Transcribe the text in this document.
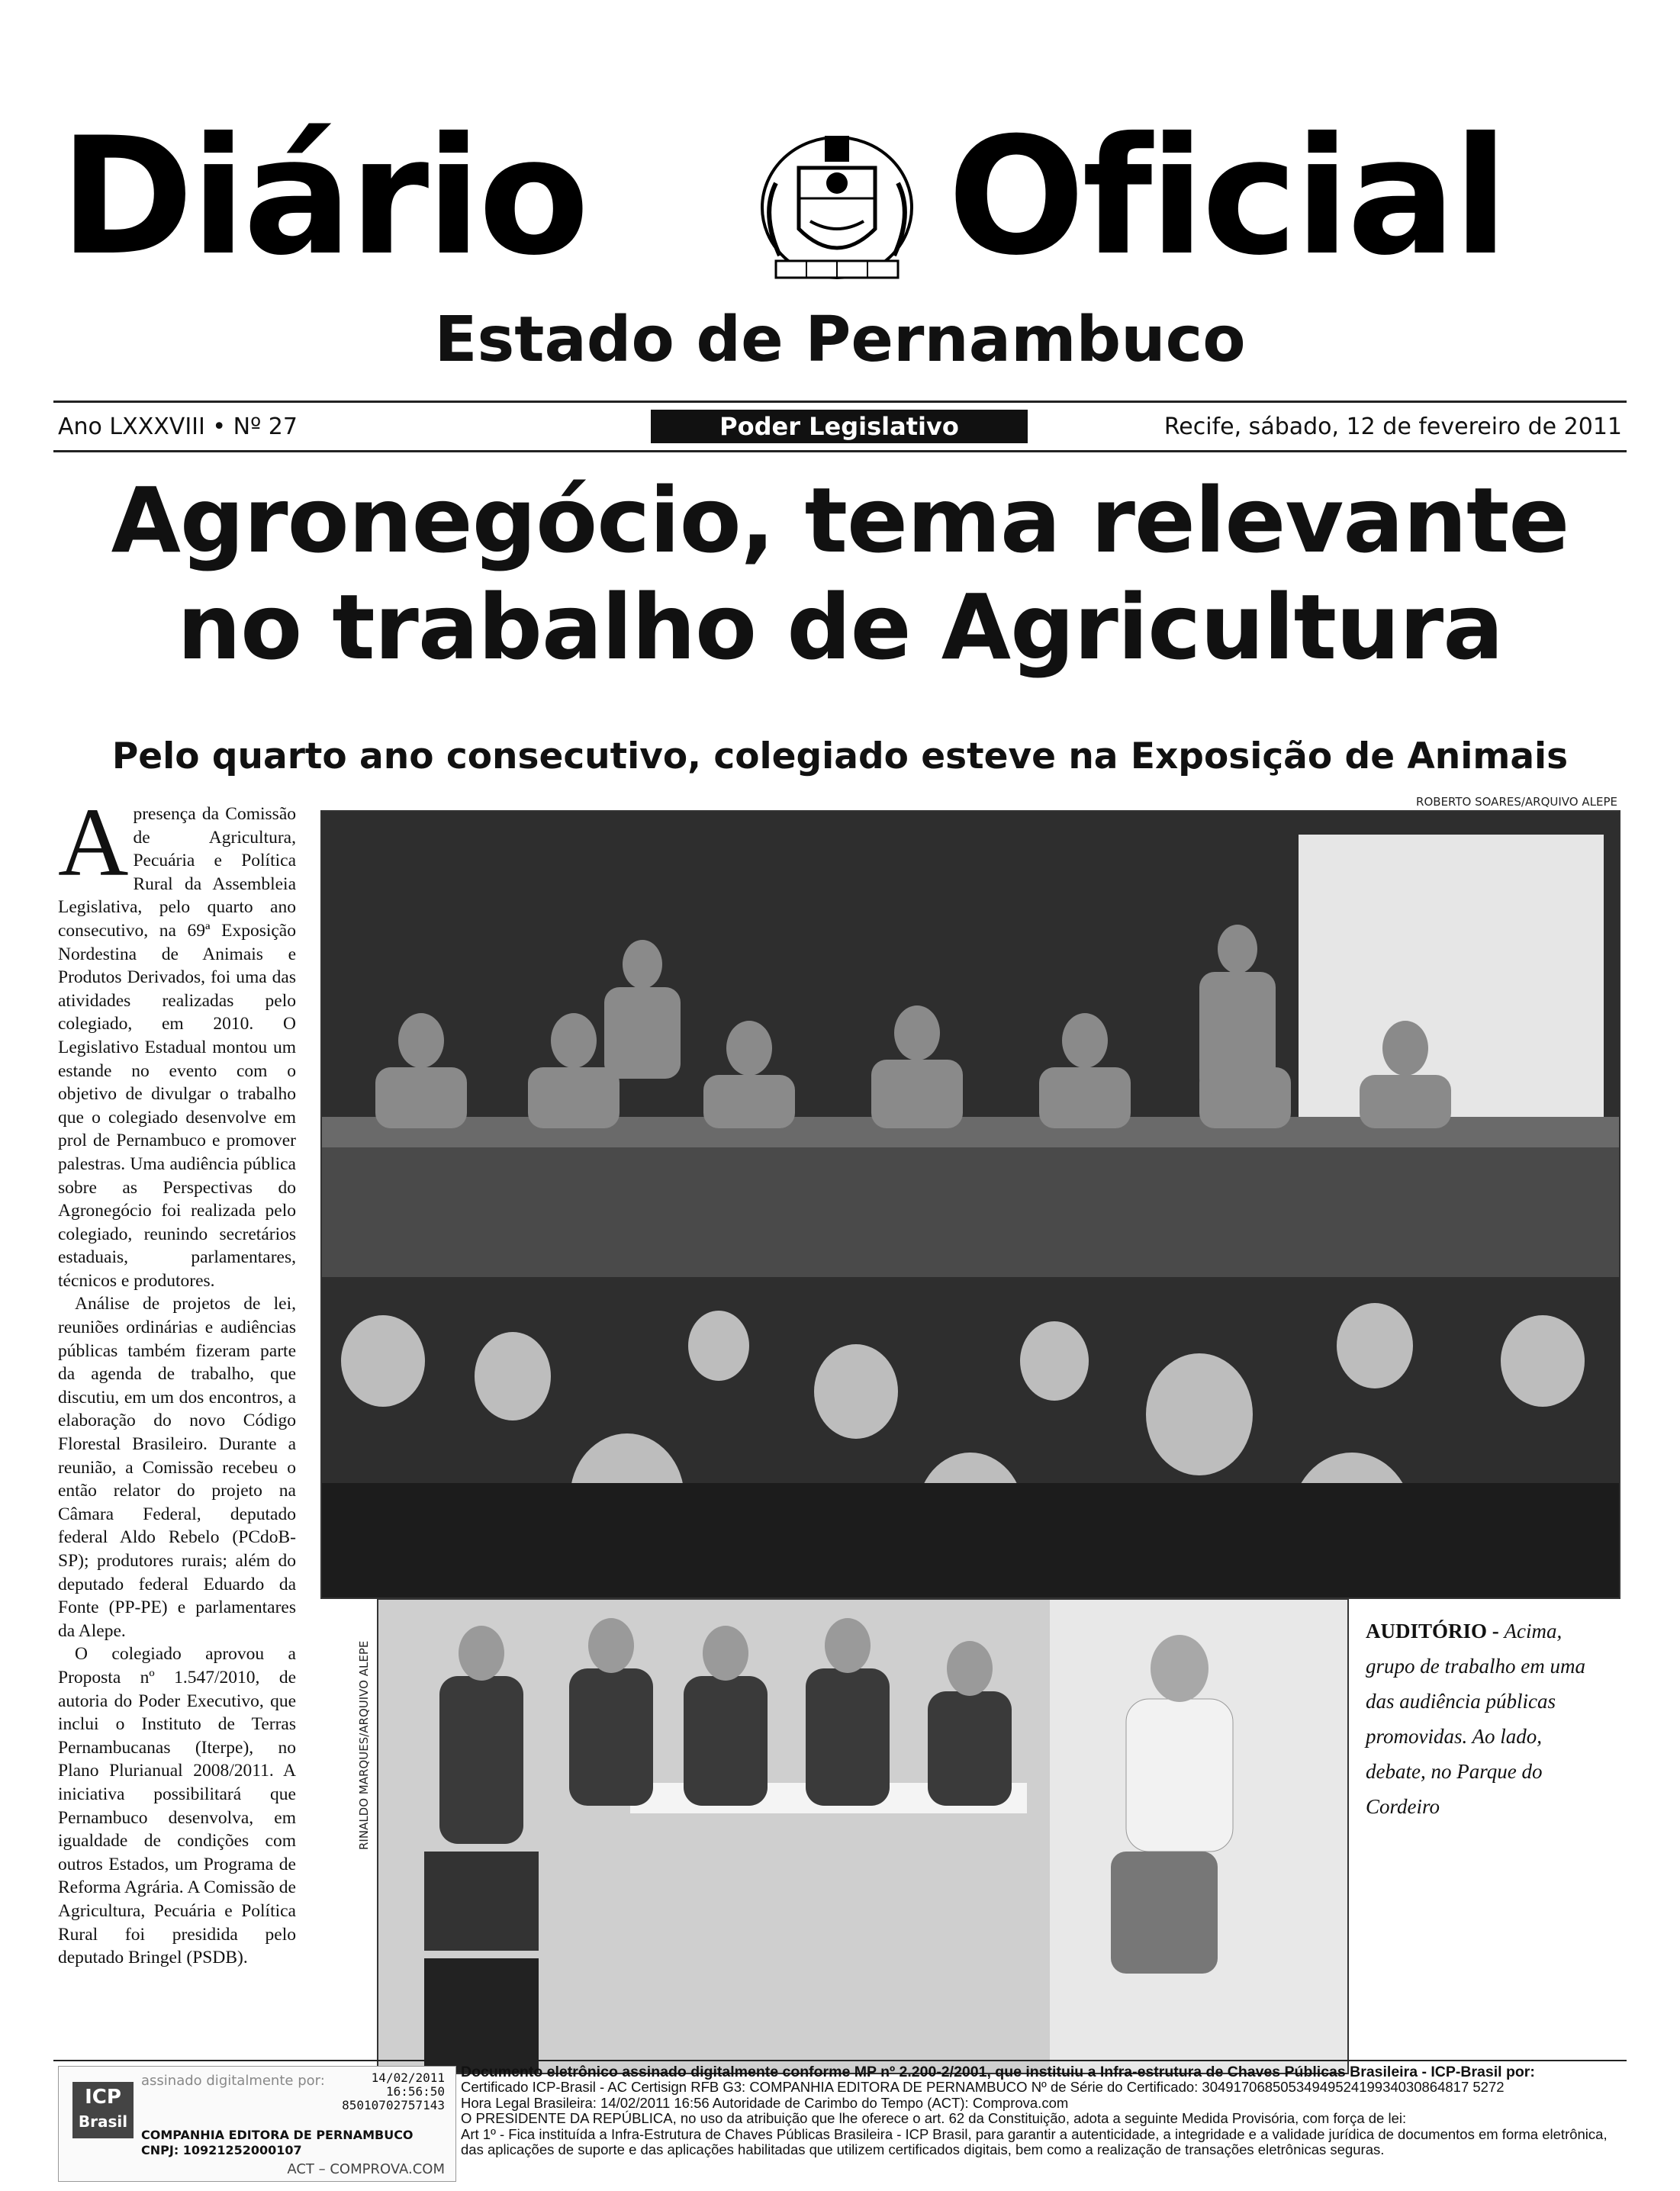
Diário Oficial
Estado de Pernambuco
Ano LXXXVIII • Nº 27	Poder Legislativo	Recife, sábado, 12 de fevereiro de 2011
Agronegócio, tema relevante
no trabalho de Agricultura
Pelo quarto ano consecutivo, colegiado esteve na Exposição de Animais

Apresença da Comissão de Agricultura, Pecuária e Política Rural da Assembleia Legislativa, pelo quarto ano consecutivo, na 69ª Exposição Nordestina de Animais e Produtos Derivados, foi uma das atividades realizadas pelo colegiado, em 2010. O Legislativo Estadual montou um estande no evento com o objetivo de divulgar o trabalho que o colegiado desenvolve em prol de Pernambuco e promover palestras. Uma audiência pública sobre as Perspectivas do Agronegócio foi realizada pelo colegiado, reunindo secretários estaduais, parlamentares, técnicos e produtores.

Análise de projetos de lei, reuniões ordinárias e audiências públicas também fizeram parte da agenda de trabalho, que discutiu, em um dos encontros, a elaboração do novo Código Florestal Brasileiro. Durante a reunião, a Comissão recebeu o então relator do projeto na Câmara Federal, deputado federal Aldo Rebelo (PCdoB-SP); produtores rurais; além do deputado federal Eduardo da Fonte (PP-PE) e parlamentares da Alepe.

O colegiado aprovou a Proposta nº 1.547/2010, de autoria do Poder Executivo, que inclui o Instituto de Terras Pernambucanas (Iterpe), no Plano Plurianual 2008/2011. A iniciativa possibilitará que Pernambuco desenvolva, em igualdade de condições com outros Estados, um Programa de Reforma Agrária. A Comissão de Agricultura, Pecuária e Política Rural foi presidida pelo deputado Bringel (PSDB).

ROBERTO SOARES/ARQUIVO ALEPE
RINALDO MARQUES/ARQUIVO ALEPE
AUDITÓRIO - Acima, grupo de trabalho em uma das audiência públicas promovidas. Ao lado, debate, no Parque do Cordeiro
ICP
Brasil
assinado digitalmente por:	14/02/2011
16:56:50
85010702757143
COMPANHIA EDITORA DE PERNAMBUCO
CNPJ: 10921252000107
ACT – COMPROVA.COM
Documento eletrônico assinado digitalmente conforme MP nº 2.200-2/2001, que instituiu a Infra-estrutura de Chaves Públicas Brasileira - ICP-Brasil por:
Certificado ICP-Brasil - AC Certisign RFB G3: COMPANHIA EDITORA DE PERNAMBUCO Nº de Série do Certificado: 3049170685053494952419934030864817 5272
Hora Legal Brasileira: 14/02/2011 16:56 Autoridade de Carimbo do Tempo (ACT): Comprova.com
O PRESIDENTE DA REPÚBLICA, no uso da atribuição que lhe oferece o art. 62 da Constituição, adota a seguinte Medida Provisória, com força de lei:
Art 1º - Fica instituída a Infra-Estrutura de Chaves Públicas Brasileira - ICP Brasil, para garantir a autenticidade, a integridade e a validade jurídica de documentos em forma eletrônica,
das aplicações de suporte e das aplicações habilitadas que utilizem certificados digitais, bem como a realização de transações eletrônicas seguras.
